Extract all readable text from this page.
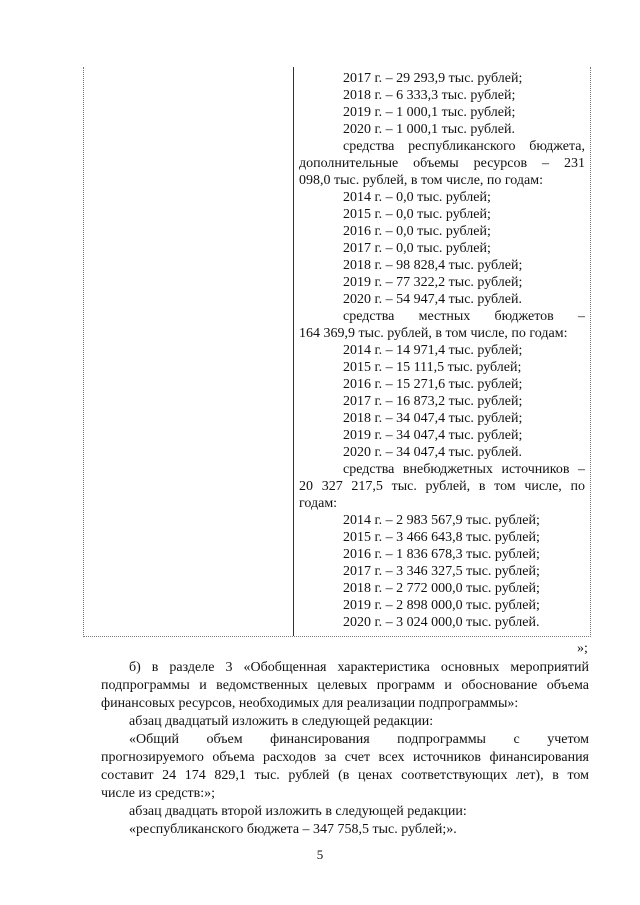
2017 г. – 29 293,9 тыс. рублей;
2018 г. – 6 333,3 тыс. рублей;
2019 г. – 1 000,1 тыс. рублей;
2020 г. – 1 000,1 тыс. рублей.
средства республиканского бюджета,
дополнительные объемы ресурсов – 231
098,0 тыс. рублей, в том числе, по годам:
2014 г. – 0,0 тыс. рублей;
2015 г. – 0,0 тыс. рублей;
2016 г. – 0,0 тыс. рублей;
2017 г. – 0,0 тыс. рублей;
2018 г. – 98 828,4 тыс. рублей;
2019 г. – 77 322,2 тыс. рублей;
2020 г. – 54 947,4 тыс. рублей.
средства местных бюджетов –
164 369,9 тыс. рублей, в том числе, по годам:
2014 г. – 14 971,4 тыс. рублей;
2015 г. – 15 111,5 тыс. рублей;
2016 г. – 15 271,6 тыс. рублей;
2017 г. – 16 873,2 тыс. рублей;
2018 г. – 34 047,4 тыс. рублей;
2019 г. – 34 047,4 тыс. рублей;
2020 г. – 34 047,4 тыс. рублей.
средства внебюджетных источников –
20 327 217,5 тыс. рублей, в том числе, по
годам:
2014 г. – 2 983 567,9 тыс. рублей;
2015 г. – 3 466 643,8 тыс. рублей;
2016 г. – 1 836 678,3 тыс. рублей;
2017 г. – 3 346 327,5 тыс. рублей;
2018 г. – 2 772 000,0 тыс. рублей;
2019 г. – 2 898 000,0 тыс. рублей;
2020 г. – 3 024 000,0 тыс. рублей.
»;
б) в разделе 3 «Обобщенная характеристика основных мероприятий
подпрограммы и ведомственных целевых программ и обоснование объема
финансовых ресурсов, необходимых для реализации подпрограммы»:
абзац двадцатый изложить в следующей редакции:
«Общий объем финансирования подпрограммы с учетом
прогнозируемого объема расходов за счет всех источников финансирования
составит 24 174 829,1 тыс. рублей (в ценах соответствующих лет), в том
числе из средств:»;
абзац двадцать второй изложить в следующей редакции:
«республиканского бюджета – 347 758,5 тыс. рублей;».
5
